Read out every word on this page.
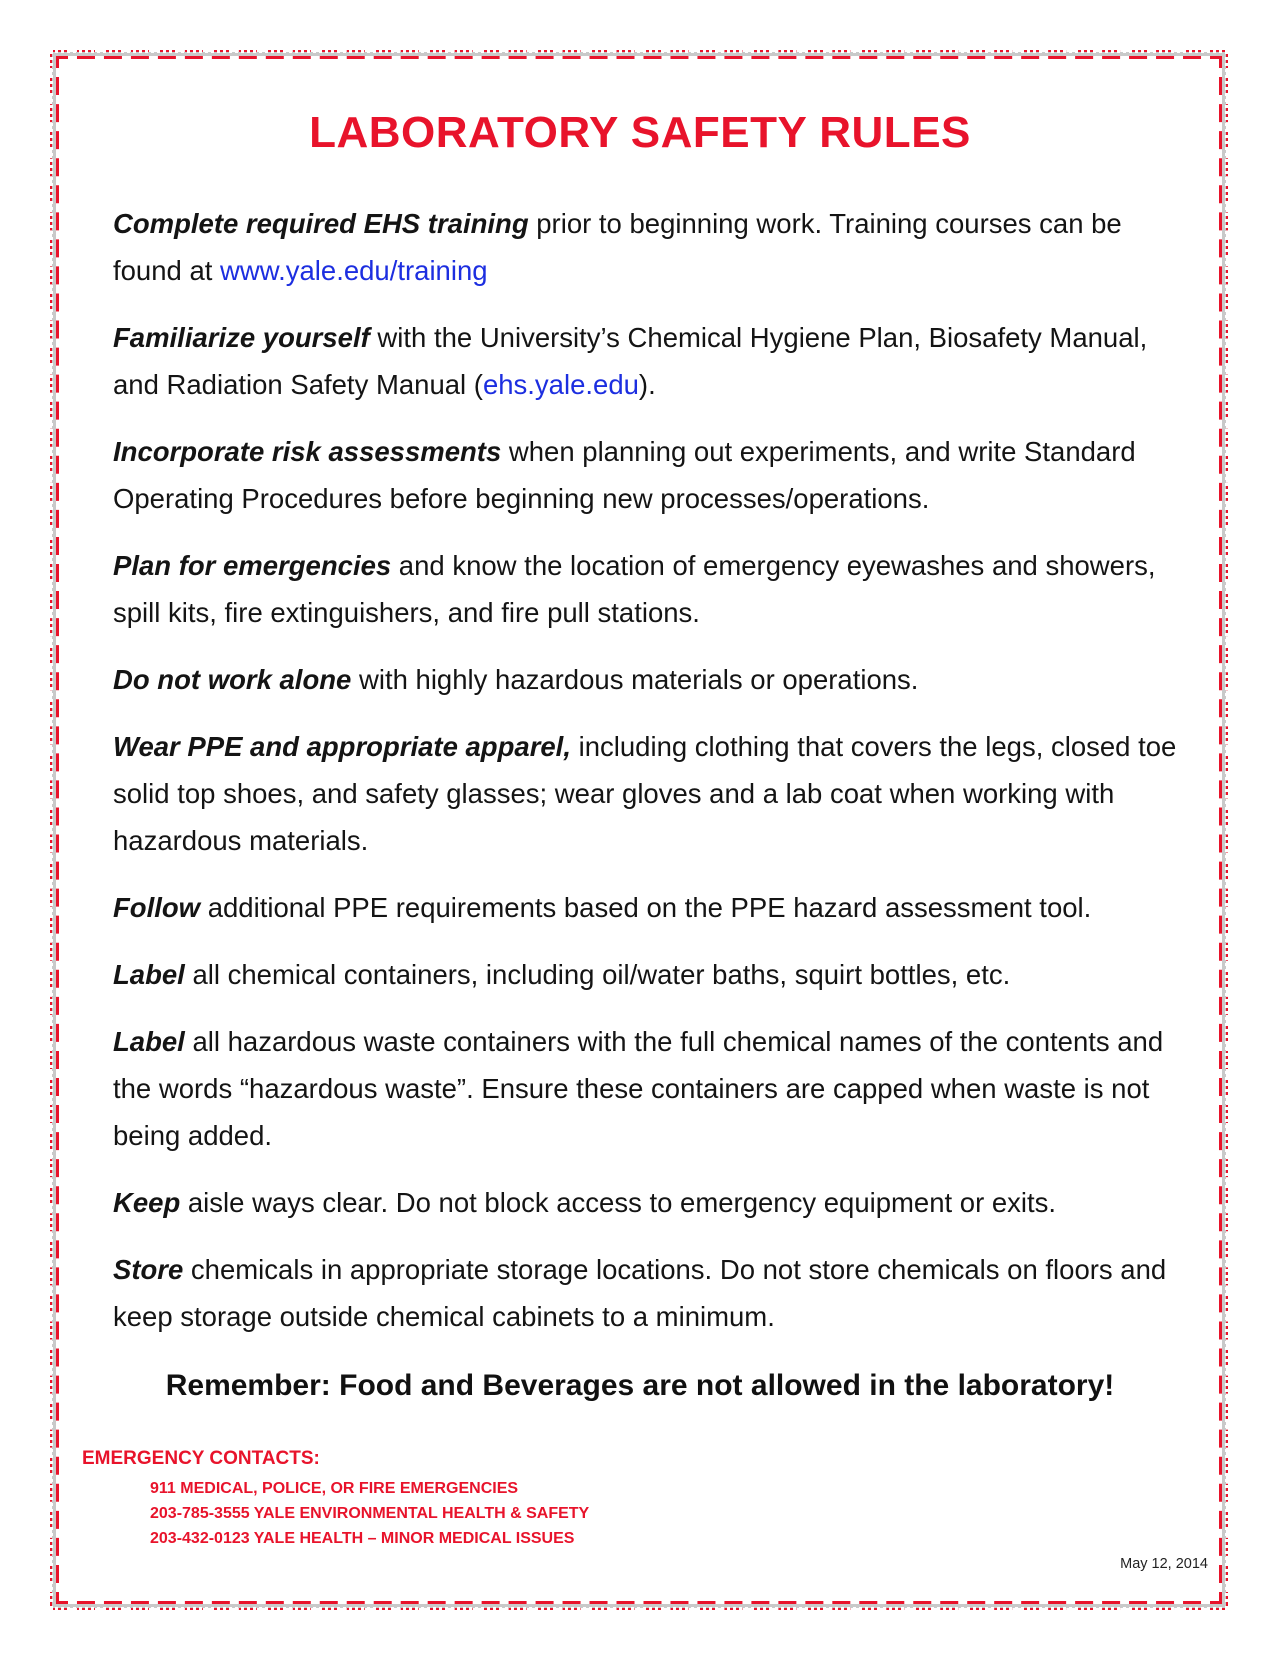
LABORATORY SAFETY RULES

Complete required EHS training prior to beginning work. Training courses can be found at www.yale.edu/training

Familiarize yourself with the University’s Chemical Hygiene Plan, Biosafety Manual, and Radiation Safety Manual (ehs.yale.edu).

Incorporate risk assessments when planning out experiments, and write Standard Operating Procedures before beginning new processes/operations.

Plan for emergencies and know the location of emergency eyewashes and showers, spill kits, fire extinguishers, and fire pull stations.

Do not work alone with highly hazardous materials or operations.

Wear PPE and appropriate apparel, including clothing that covers the legs, closed toe solid top shoes, and safety glasses; wear gloves and a lab coat when working with hazardous materials.

Follow additional PPE requirements based on the PPE hazard assessment tool.

Label all chemical containers, including oil/water baths, squirt bottles, etc.

Label all hazardous waste containers with the full chemical names of the contents and the words “hazardous waste”. Ensure these containers are capped when waste is not being added.

Keep aisle ways clear. Do not block access to emergency equipment or exits.

Store chemicals in appropriate storage locations. Do not store chemicals on floors and keep storage outside chemical cabinets to a minimum.

Remember: Food and Beverages are not allowed in the laboratory!
EMERGENCY CONTACTS:
911 MEDICAL, POLICE, OR FIRE EMERGENCIES
203-785-3555 YALE ENVIRONMENTAL HEALTH & SAFETY
203-432-0123 YALE HEALTH – MINOR MEDICAL ISSUES
May 12, 2014
